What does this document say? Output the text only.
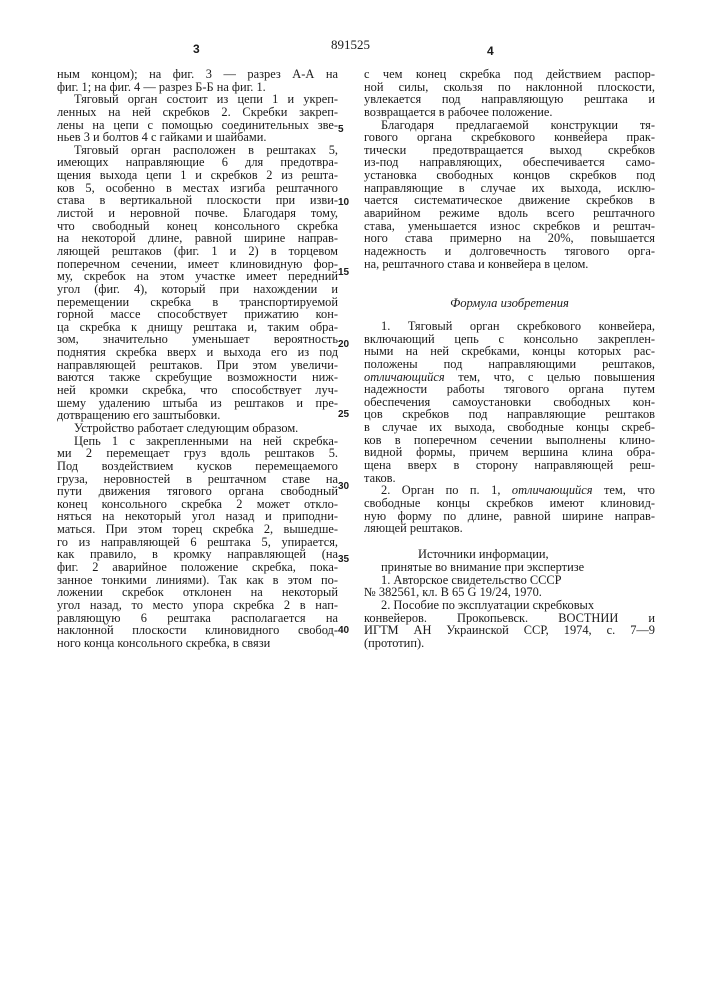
3	891525	4
ным концом); на фиг. 3 — разрез А-А на
фиг. 1; на фиг. 4 — разрез Б-Б на фиг. 1.
Тяговый орган состоит из цепи 1 и укреп-
ленных на ней скребков 2. Скребки закреп-
лены на цепи с помощью соединительных зве-
ньев 3 и болтов 4 с гайками и шайбами.
Тяговый орган расположен в рештаках 5,
имеющих направляющие 6 для предотвра-
щения выхода цепи 1 и скребков 2 из решта-
ков 5, особенно в местах изгиба рештачного
става в вертикальной плоскости при изви-
листой и неровной почве. Благодаря тому,
что свободный конец консольного скребка
на некоторой длине, равной ширине направ-
ляющей рештаков (фиг. 1 и 2) в торцевом
поперечном сечении, имеет клиновидную фор-
му, скребок на этом участке имеет передний
угол (фиг. 4), который при нахождении и
перемещении скребка в транспортируемой
горной массе способствует прижатию кон-
ца скребка к днищу рештака и, таким обра-
зом, значительно уменьшает вероятность
поднятия скребка вверх и выхода его из под
направляющей рештаков. При этом увеличи-
ваются также скребущие возможности ниж-
ней кромки скребка, что способствует луч-
шему удалению штыба из рештаков и пре-
дотвращению его заштыбовки.
Устройство работает следующим образом.
Цепь 1 с закрепленными на ней скребка-
ми 2 перемещает груз вдоль рештаков 5.
Под воздействием кусков перемещаемого
груза, неровностей в рештачном ставе на
пути движения тягового органа свободный
конец консольного скребка 2 может откло-
няться на некоторый угол назад и приподни-
маться. При этом торец скребка 2, вышедше-
го из направляющей 6 рештака 5, упирается,
как правило, в кромку направляющей (на
фиг. 2 аварийное положение скребка, пока-
занное тонкими линиями). Так как в этом по-
ложении скребок отклонен на некоторый
угол назад, то место упора скребка 2 в нап-
равляющую 6 рештака располагается на
наклонной плоскости клиновидного свобод-
ного конца консольного скребка, в связи
5
10
15
20
25
30
35
40
с чем конец скребка под действием распор-
ной силы, скользя по наклонной плоскости,
увлекается под направляющую рештака и
возвращается в рабочее положение.
Благодаря предлагаемой конструкции тя-
гового органа скребкового конвейера прак-
тически предотвращается выход скребков
из-под направляющих, обеспечивается само-
установка свободных концов скребков под
направляющие в случае их выхода, исклю-
чается систематическое движение скребков в
аварийном режиме вдоль всего рештачного
става, уменьшается износ скребков и рештач-
ного става примерно на 20%, повышается
надежность и долговечность тягового орга-
на, рештачного става и конвейера в целом.
Формула изобретения
1. Тяговый орган скребкового конвейера,
включающий цепь с консольно закреплен-
ными на ней скребками, концы которых рас-
положены под направляющими рештаков,
отличающийся тем, что, с целью повышения
надежности работы тягового органа путем
обеспечения самоустановки свободных кон-
цов скребков под направляющие рештаков
в случае их выхода, свободные концы скреб-
ков в поперечном сечении выполнены клино-
видной формы, причем вершина клина обра-
щена вверх в сторону направляющей реш-
таков.
2. Орган по п. 1, отличающийся тем, что
свободные концы скребков имеют клиновид-
ную форму по длине, равной ширине направ-
ляющей рештаков.
Источники информации,
принятые во внимание при экспертизе
1. Авторское свидетельство СССР
№ 382561, кл. В 65 G 19/24, 1970.
2. Пособие по эксплуатации скребковых
конвейеров. Прокопьевск. ВОСТНИИ и
ИГТМ АН Украинской ССР, 1974, с. 7—9
(прототип).
